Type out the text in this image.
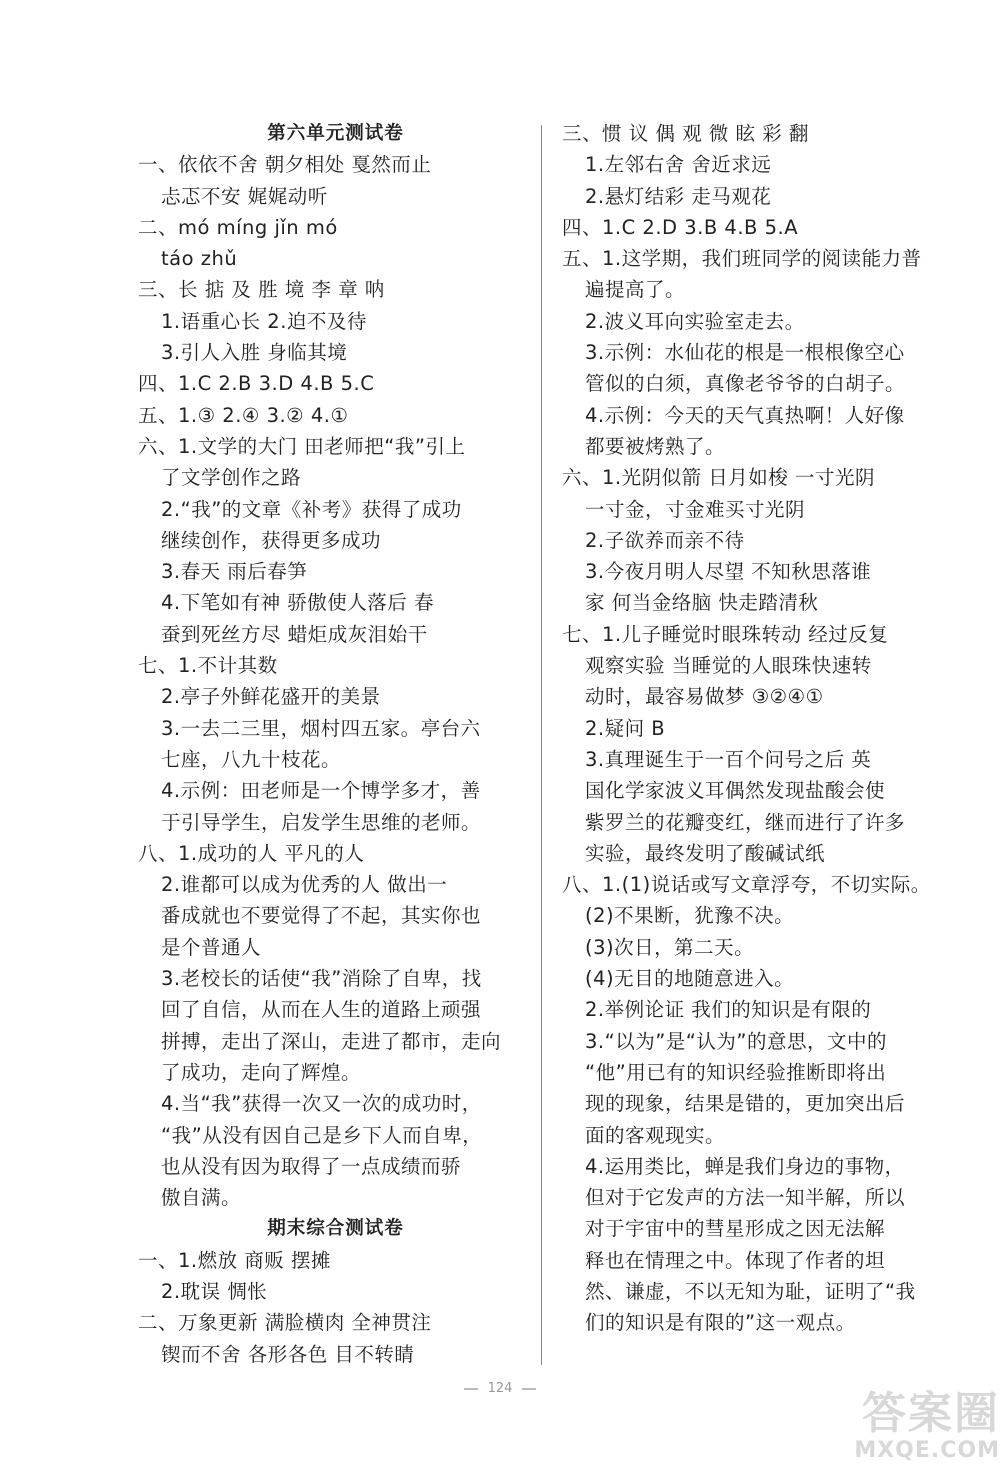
第六单元测试卷
一、依依不舍 朝夕相处 戛然而止
忐忑不安 娓娓动听
二、mó míng jǐn mó
táo zhǔ
三、长 掂 及 胜 境 李 章 呐
1.语重心长 2.迫不及待
3.引人入胜 身临其境
四、1.C 2.B 3.D 4.B 5.C
五、1.③ 2.④ 3.② 4.①
六、1.文学的大门 田老师把“我”引上
了文学创作之路
2.“我”的文章《补考》获得了成功
继续创作，获得更多成功
3.春天 雨后春笋
4.下笔如有神 骄傲使人落后 春
蚕到死丝方尽 蜡炬成灰泪始干
七、1.不计其数
2.亭子外鲜花盛开的美景
3.一去二三里，烟村四五家。亭台六
七座，八九十枝花。
4.示例：田老师是一个博学多才，善
于引导学生，启发学生思维的老师。
八、1.成功的人 平凡的人
2.谁都可以成为优秀的人 做出一
番成就也不要觉得了不起，其实你也
是个普通人
3.老校长的话使“我”消除了自卑，找
回了自信，从而在人生的道路上顽强
拼搏，走出了深山，走进了都市，走向
了成功，走向了辉煌。
4.当“我”获得一次又一次的成功时，
“我”从没有因自己是乡下人而自卑，
也从没有因为取得了一点成绩而骄
傲自满。
期末综合测试卷
一、1.燃放 商贩 摆摊
2.耽误 惆怅
二、万象更新 满脸横肉 全神贯注
锲而不舍 各形各色 目不转睛
三、惯 议 偶 观 微 眩 彩 翻
1.左邻右舍 舍近求远
2.悬灯结彩 走马观花
四、1.C 2.D 3.B 4.B 5.A
五、1.这学期，我们班同学的阅读能力普
遍提高了。
2.波义耳向实验室走去。
3.示例：水仙花的根是一根根像空心
管似的白须，真像老爷爷的白胡子。
4.示例：今天的天气真热啊！人好像
都要被烤熟了。
六、1.光阴似箭 日月如梭 一寸光阴
一寸金，寸金难买寸光阴
2.子欲养而亲不待
3.今夜月明人尽望 不知秋思落谁
家 何当金络脑 快走踏清秋
七、1.儿子睡觉时眼珠转动 经过反复
观察实验 当睡觉的人眼珠快速转
动时，最容易做梦 ③②④①
2.疑问 B
3.真理诞生于一百个问号之后 英
国化学家波义耳偶然发现盐酸会使
紫罗兰的花瓣变红，继而进行了许多
实验，最终发明了酸碱试纸
八、1.(1)说话或写文章浮夸，不切实际。
(2)不果断，犹豫不决。
(3)次日，第二天。
(4)无目的地随意进入。
2.举例论证 我们的知识是有限的
3.“以为”是“认为”的意思，文中的
“他”用已有的知识经验推断即将出
现的现象，结果是错的，更加突出后
面的客观现实。
4.运用类比，蝉是我们身边的事物，
但对于它发声的方法一知半解，所以
对于宇宙中的彗星形成之因无法解
释也在情理之中。体现了作者的坦
然、谦虚，不以无知为耻，证明了“我
们的知识是有限的”这一观点。
124	答案圈
MXQE.COM
